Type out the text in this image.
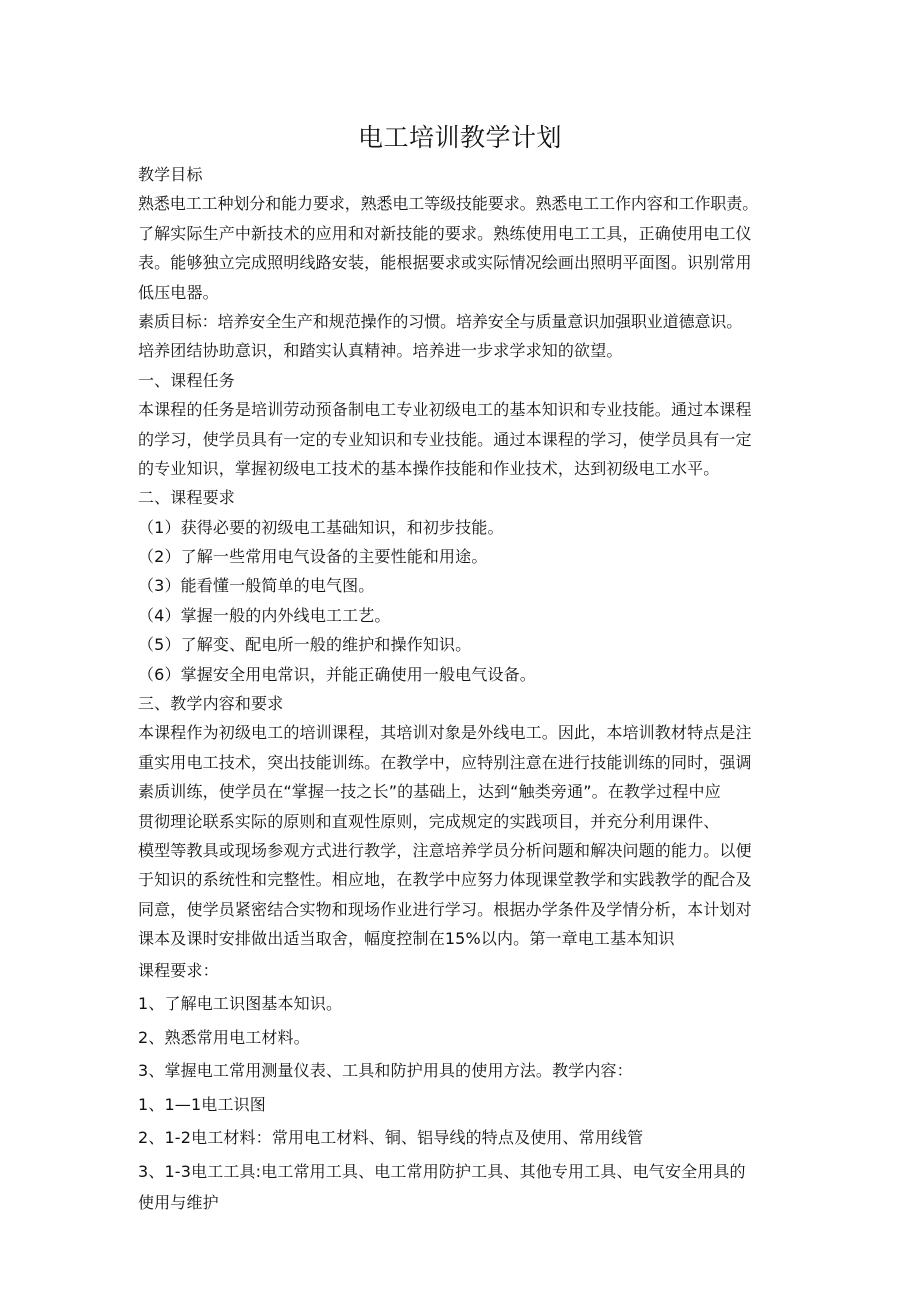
电工培训教学计划
教学目标
熟悉电工工种划分和能力要求，熟悉电工等级技能要求。熟悉电工工作内容和工作职责。
了解实际生产中新技术的应用和对新技能的要求。熟练使用电工工具，正确使用电工仪
表。能够独立完成照明线路安装，能根据要求或实际情况绘画出照明平面图。识别常用
低压电器。
素质目标：培养安全生产和规范操作的习惯。培养安全与质量意识加强职业道德意识。
培养团结协助意识，和踏实认真精神。培养进一步求学求知的欲望。
一、课程任务
本课程的任务是培训劳动预备制电工专业初级电工的基本知识和专业技能。通过本课程
的学习，使学员具有一定的专业知识和专业技能。通过本课程的学习，使学员具有一定
的专业知识，掌握初级电工技术的基本操作技能和作业技术，达到初级电工水平。
二、课程要求
（1）获得必要的初级电工基础知识，和初步技能。
（2）了解一些常用电气设备的主要性能和用途。
（3）能看懂一般简单的电气图。
（4）掌握一般的内外线电工工艺。
（5）了解变、配电所一般的维护和操作知识。
（6）掌握安全用电常识，并能正确使用一般电气设备。
三、教学内容和要求
本课程作为初级电工的培训课程，其培训对象是外线电工。因此，本培训教材特点是注
重实用电工技术，突出技能训练。在教学中，应特别注意在进行技能训练的同时，强调
素质训练，使学员在“掌握一技之长”的基础上，达到“触类旁通”。在教学过程中应
贯彻理论联系实际的原则和直观性原则，完成规定的实践项目，并充分利用课件、
模型等教具或现场参观方式进行教学，注意培养学员分析问题和解决问题的能力。以便
于知识的系统性和完整性。相应地，在教学中应努力体现课堂教学和实践教学的配合及
同意，使学员紧密结合实物和现场作业进行学习。根据办学条件及学情分析，本计划对
课本及课时安排做出适当取舍，幅度控制在15%以内。第一章电工基本知识
课程要求：
1、了解电工识图基本知识。
2、熟悉常用电工材料。
3、掌握电工常用测量仪表、工具和防护用具的使用方法。教学内容：
1、1—1电工识图
2、1-2电工材料：常用电工材料、铜、铝导线的特点及使用、常用线管
3、1-3电工工具:电工常用工具、电工常用防护工具、其他专用工具、电气安全用具的
使用与维护
